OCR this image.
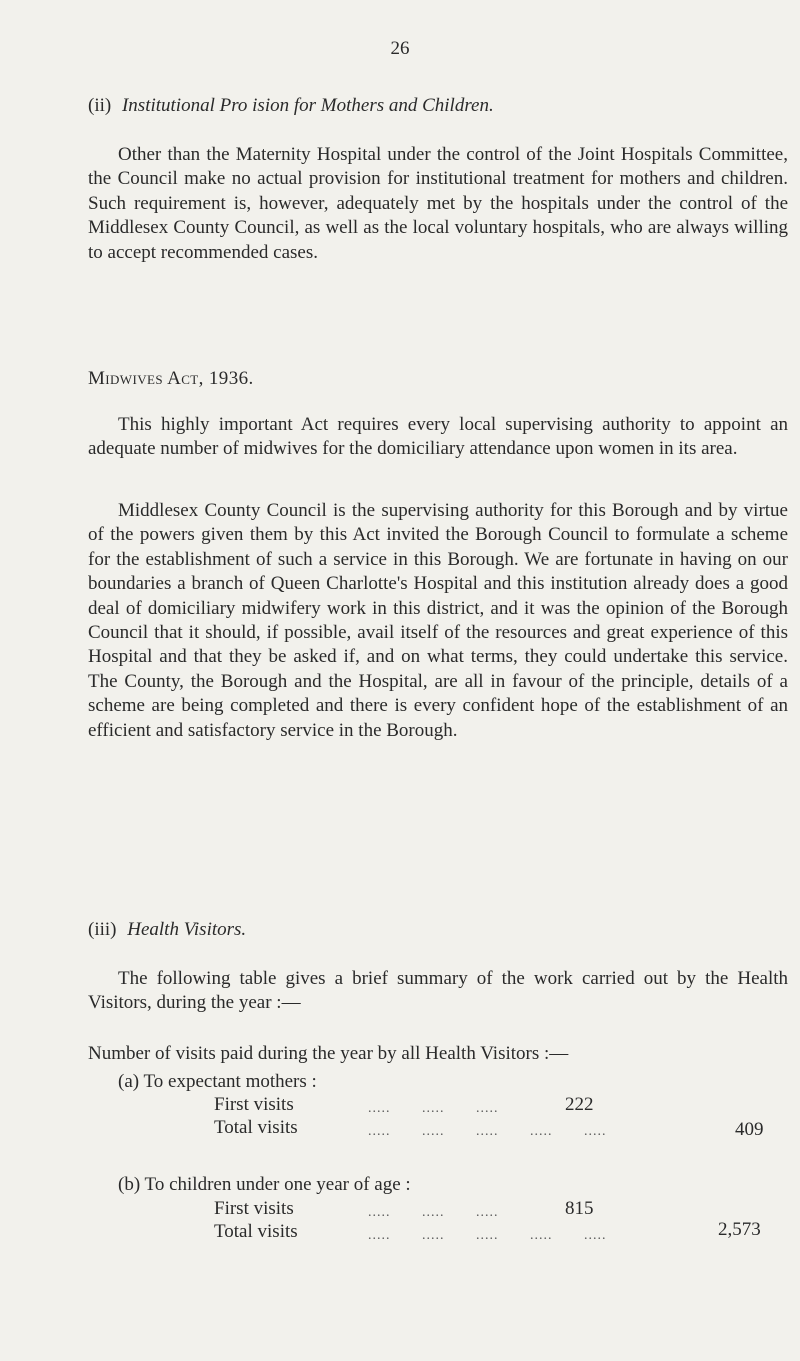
26
(ii) Institutional Pro ision for Mothers and Children.

Other than the Maternity Hospital under the control of the Joint Hospitals Committee, the Council make no actual provision for institutional treatment for mothers and children. Such requirement is, however, adequately met by the hospitals under the control of the Middlesex County Council, as well as the local voluntary hospitals, who are always willing to accept recommended cases.

Midwives Act, 1936.

This highly important Act requires every local supervising authority to appoint an adequate number of midwives for the domiciliary attendance upon women in its area.

Middlesex County Council is the supervising authority for this Borough and by virtue of the powers given them by this Act invited the Borough Council to formulate a scheme for the establishment of such a service in this Borough. We are fortunate in having on our boundaries a branch of Queen Charlotte's Hospital and this institution already does a good deal of domiciliary midwifery work in this district, and it was the opinion of the Borough Council that it should, if possible, avail itself of the resources and great experience of this Hospital and that they be asked if, and on what terms, they could undertake this service. The County, the Borough and the Hospital, are all in favour of the principle, details of a scheme are being completed and there is every confident hope of the establishment of an efficient and satisfactory service in the Borough.

(iii) Health Visitors.

The following table gives a brief summary of the work carried out by the Health Visitors, during the year :—

Number of visits paid during the year by all Health Visitors :—
(a) To expectant mothers :
First visits	.....       .....       .....	222
Total visits	.....       .....       .....       .....       .....	409
(b) To children under one year of age :
First visits	.....       .....       .....	815
Total visits	.....       .....       .....       .....       .....	2,573
